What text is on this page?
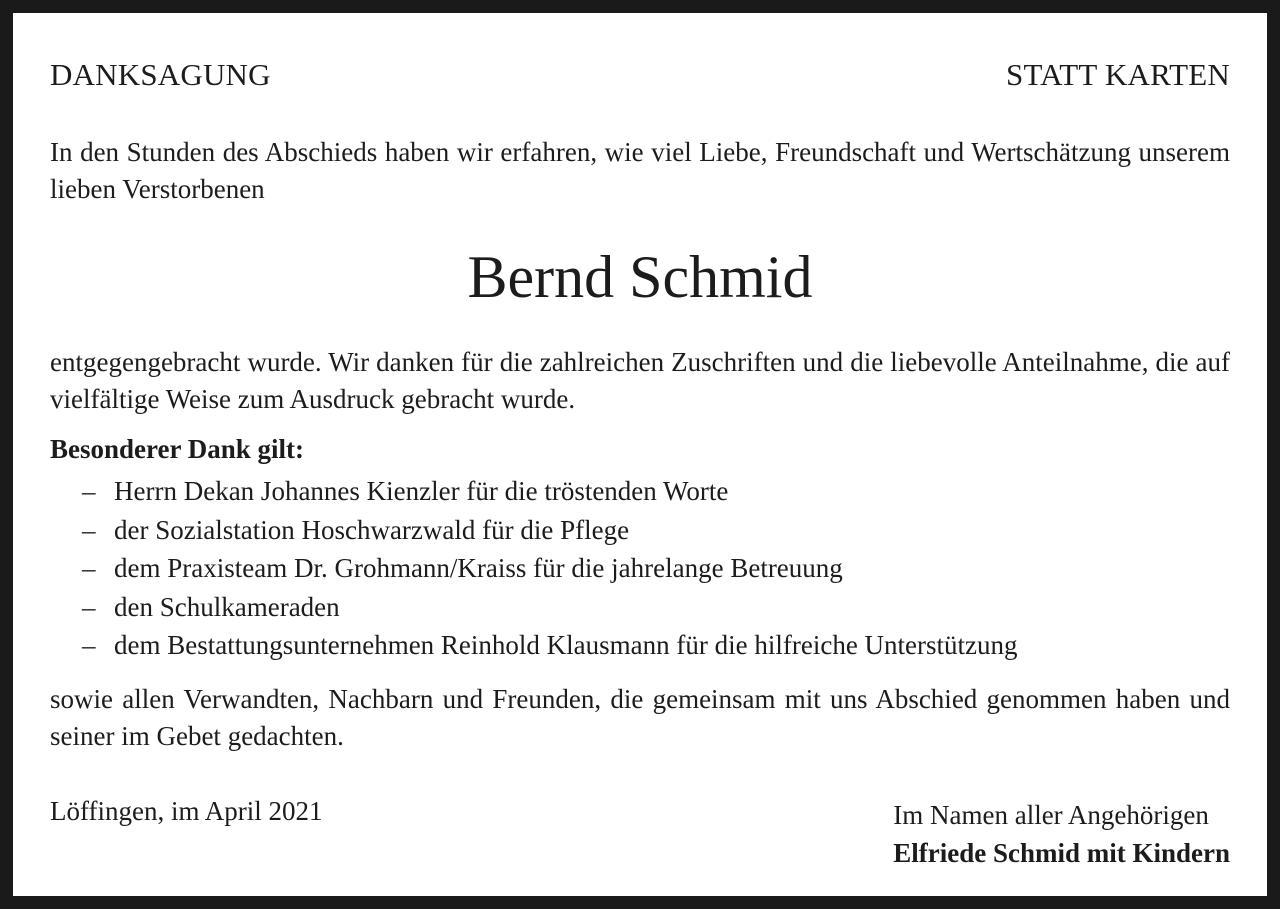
DANKSAGUNG	STATT KARTEN
In den Stunden des Abschieds haben wir erfahren, wie viel Liebe, Freundschaft und Wertschätzung unserem lieben Verstorbenen
Bernd Schmid
entgegengebracht wurde. Wir danken für die zahlreichen Zuschriften und die liebevolle Anteilnahme, die auf vielfältige Weise zum Ausdruck gebracht wurde.
Besonderer Dank gilt:
– Herrn Dekan Johannes Kienzler für die tröstenden Worte
– der Sozialstation Hoschwarzwald für die Pflege
– dem Praxisteam Dr. Grohmann/Kraiss für die jahrelange Betreuung
– den Schulkameraden
– dem Bestattungsunternehmen Reinhold Klausmann für die hilfreiche Unterstützung
sowie allen Verwandten, Nachbarn und Freunden, die gemeinsam mit uns Abschied genommen haben und seiner im Gebet gedachten.
Löffingen, im April 2021	Im Namen aller Angehörigen
Elfriede Schmid mit Kindern
